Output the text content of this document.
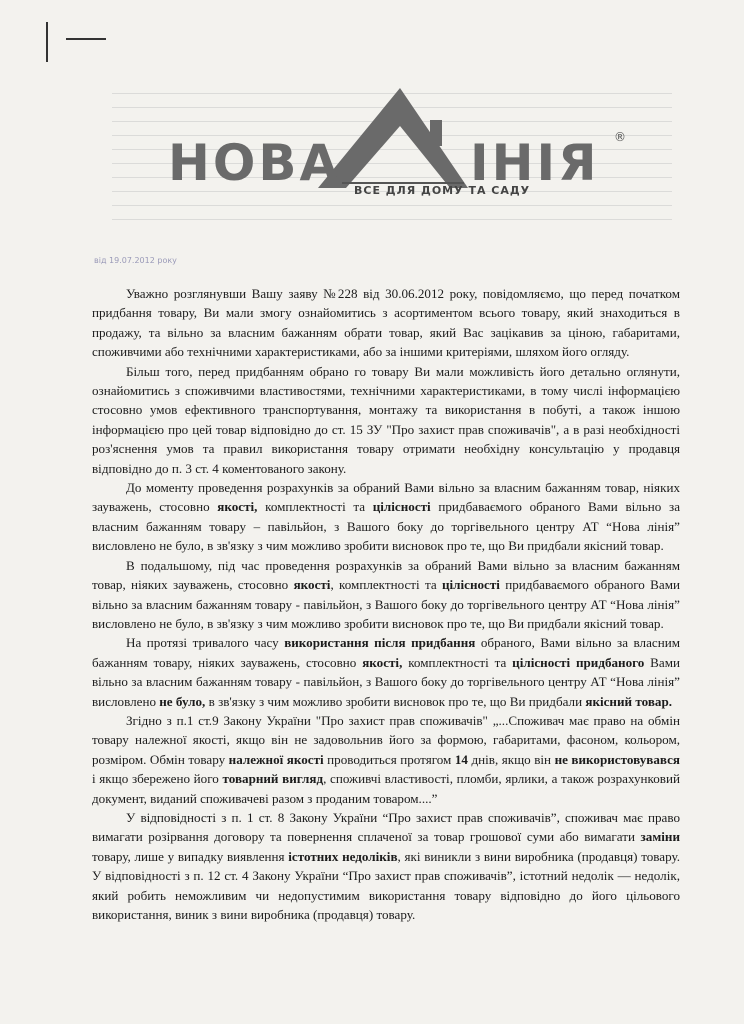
НОВА	ІНІЯ ®
ВСЕ ДЛЯ ДОМУ ТА САДУ
від 19.07.2012 року

Уважно розглянувши Вашу заяву №228 від 30.06.2012 року, повідомляємо, що перед початком придбання товару, Ви мали змогу ознайомитись з асортиментом всього товару, який знаходиться в продажу, та вільно за власним бажанням обрати товар, який Вас зацікавив за ціною, габаритами, споживчими або технічними характеристиками, або за іншими критеріями, шляхом його огляду.

Більш того, перед придбанням обрано го товару Ви мали можливість його детально оглянути, ознайомитись з споживчими властивостями, технічними характеристиками, в тому числі інформацією стосовно умов ефективного транспортування, монтажу та використання в побуті, а також іншою інформацією про цей товар відповідно до ст. 15 ЗУ "Про захист прав споживачів", а в разі необхідності роз'яснення умов та правил використання товару отримати необхідну консультацію у продавця відповідно до п. 3 ст. 4 коментованого закону.

До моменту проведення розрахунків за обраний Вами вільно за власним бажанням товар, ніяких зауважень, стосовно якості, комплектності та цілісності придбаваємого обраного Вами вільно за власним бажанням товару – павільйон, з Вашого боку до торгівельного центру АТ “Нова лінія” висловлено не було, в зв'язку з чим можливо зробити висновок про те, що Ви придбали якісний товар.

В подальшому, під час проведення розрахунків за обраний Вами вільно за власним бажанням товар, ніяких зауважень, стосовно якості, комплектності та цілісності придбаваємого обраного Вами вільно за власним бажанням товару - павільйон, з Вашого боку до торгівельного центру АТ “Нова лінія” висловлено не було, в зв'язку з чим можливо зробити висновок про те, що Ви придбали якісний товар.

На протязі тривалого часу використання після придбання обраного, Вами вільно за власним бажанням товару, ніяких зауважень, стосовно якості, комплектності та цілісності придбаного Вами вільно за власним бажанням товару - павільйон, з Вашого боку до торгівельного центру АТ “Нова лінія” висловлено не було, в зв'язку з чим можливо зробити висновок про те, що Ви придбали якісний товар.

Згідно з п.1 ст.9 Закону України "Про захист прав споживачів" „...Споживач має право на обмін товару належної якості, якщо він не задовольнив його за формою, габаритами, фасоном, кольором, розміром. Обмін товару належної якості проводиться протягом 14 днів, якщо він не використовувався і якщо збережено його товарний вигляд, споживчі властивості, пломби, ярлики, а також розрахунковий документ, виданий споживачеві разом з проданим товаром....”

У відповідності з п. 1 ст. 8 Закону України “Про захист прав споживачів”, споживач має право вимагати розірвання договору та повернення сплаченої за товар грошової суми або вимагати заміни товару, лише у випадку виявлення істотних недоліків, які виникли з вини виробника (продавця) товару. У відповідності з п. 12 ст. 4 Закону України “Про захист прав споживачів”, істотний недолік — недолік, який робить неможливим чи недопустимим використання товару відповідно до його цільового використання, виник з вини виробника (продавця) товару.
